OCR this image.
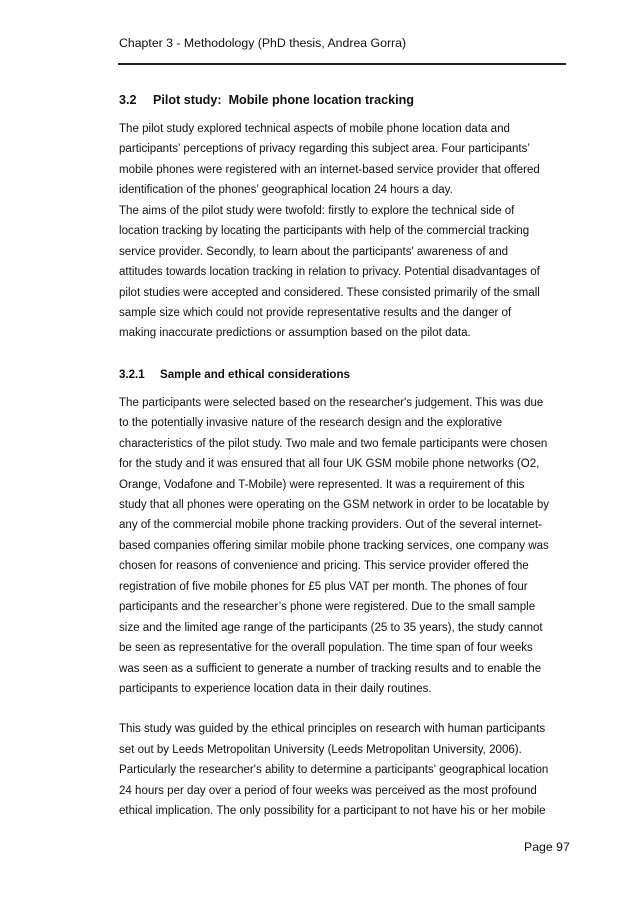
Chapter 3 - Methodology (PhD thesis, Andrea Gorra)
3.2 Pilot study:  Mobile phone location tracking
The pilot study explored technical aspects of mobile phone location data and
participants’ perceptions of privacy regarding this subject area. Four participants’
mobile phones were registered with an internet-based service provider that offered
identification of the phones’ geographical location 24 hours a day.
The aims of the pilot study were twofold: firstly to explore the technical side of
location tracking by locating the participants with help of the commercial tracking
service provider. Secondly, to learn about the participants' awareness of and
attitudes towards location tracking in relation to privacy. Potential disadvantages of
pilot studies were accepted and considered. These consisted primarily of the small
sample size which could not provide representative results and the danger of
making inaccurate predictions or assumption based on the pilot data.
3.2.1 Sample and ethical considerations
The participants were selected based on the researcher's judgement. This was due
to the potentially invasive nature of the research design and the explorative
characteristics of the pilot study. Two male and two female participants were chosen
for the study and it was ensured that all four UK GSM mobile phone networks (O2,
Orange, Vodafone and T-Mobile) were represented. It was a requirement of this
study that all phones were operating on the GSM network in order to be locatable by
any of the commercial mobile phone tracking providers. Out of the several internet-
based companies offering similar mobile phone tracking services, one company was
chosen for reasons of convenience and pricing. This service provider offered the
registration of five mobile phones for £5 plus VAT per month. The phones of four
participants and the researcher’s phone were registered. Due to the small sample
size and the limited age range of the participants (25 to 35 years), the study cannot
be seen as representative for the overall population. The time span of four weeks
was seen as a sufficient to generate a number of tracking results and to enable the
participants to experience location data in their daily routines.
This study was guided by the ethical principles on research with human participants
set out by Leeds Metropolitan University (Leeds Metropolitan University, 2006).
Particularly the researcher's ability to determine a participants' geographical location
24 hours per day over a period of four weeks was perceived as the most profound
ethical implication. The only possibility for a participant to not have his or her mobile
Page 97
